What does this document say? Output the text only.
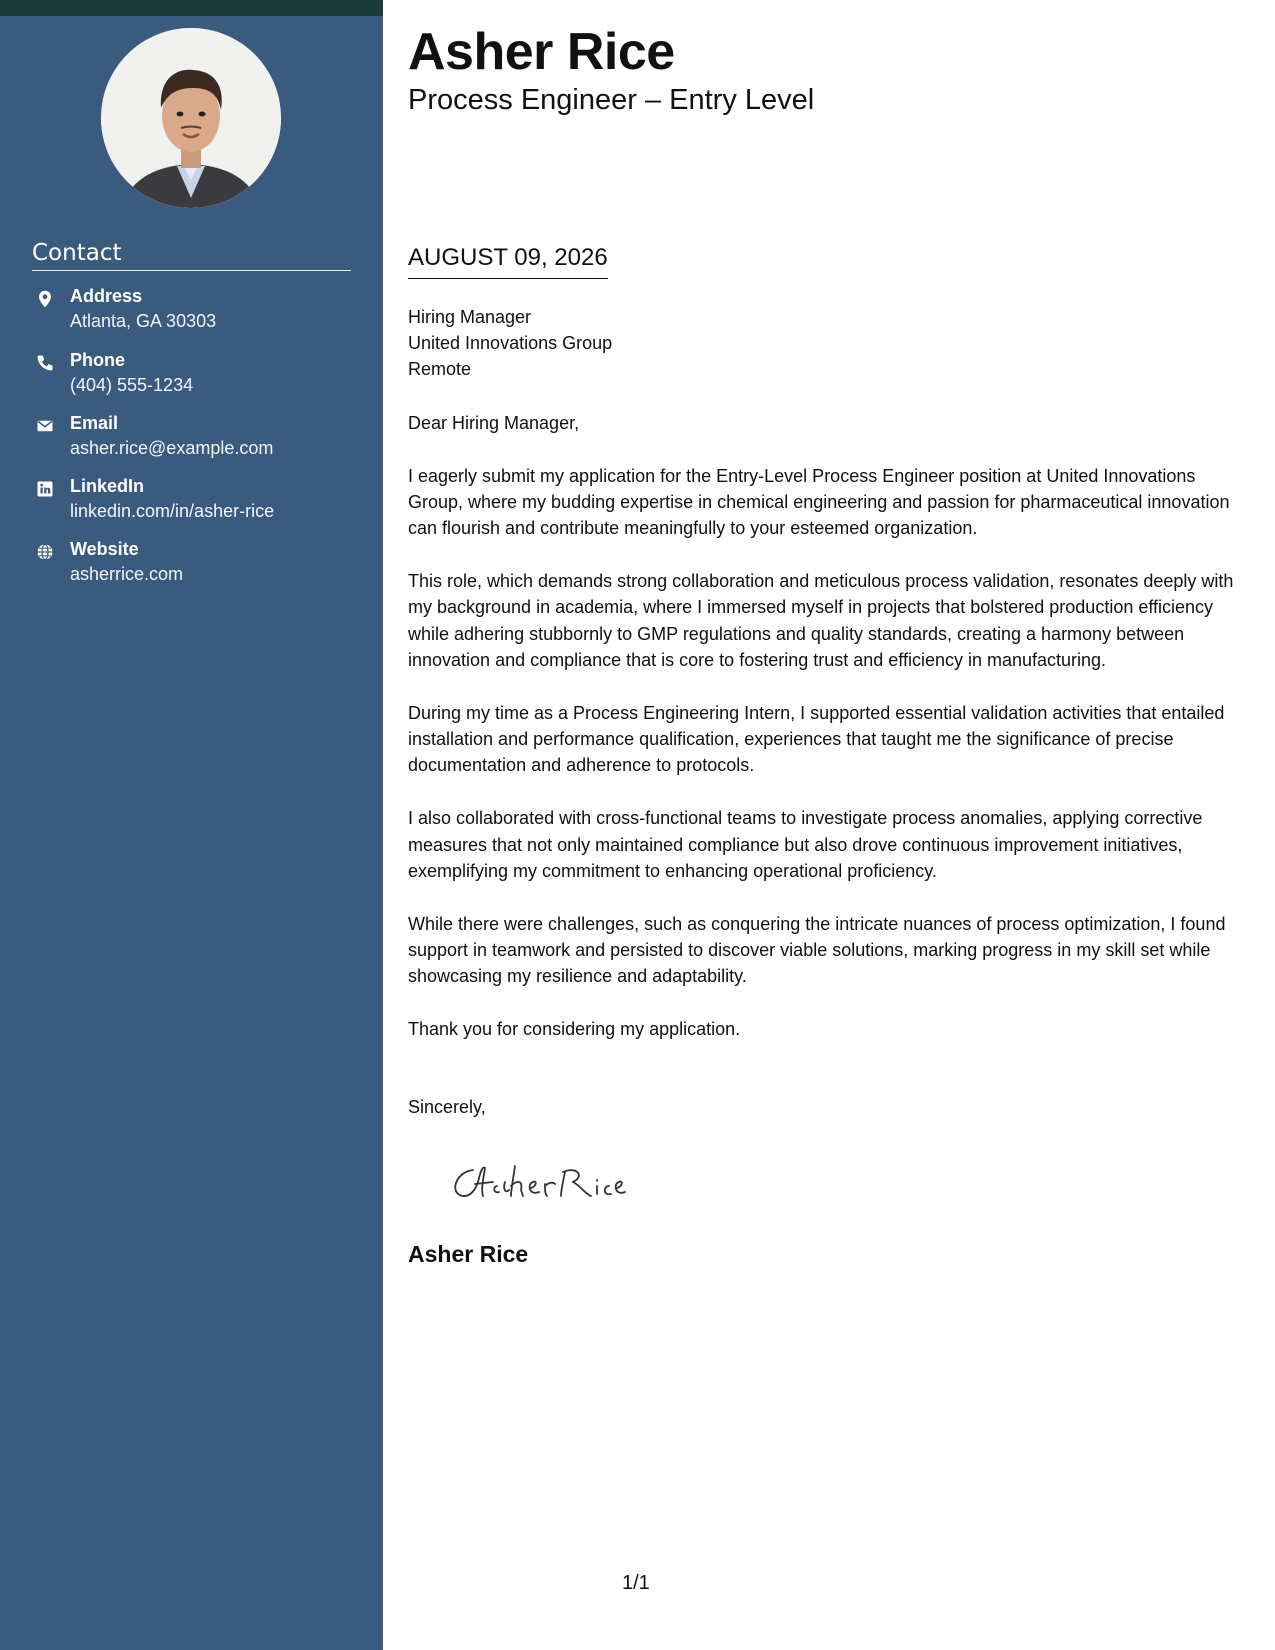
Contact
Address
Atlanta, GA 30303
Phone
(404) 555-1234
Email
asher.rice@example.com
LinkedIn
linkedin.com/in/asher-rice
Website
asherrice.com
Asher Rice
Process Engineer – Entry Level
AUGUST 09, 2026
Hiring Manager
United Innovations Group
Remote

Dear Hiring Manager,

I eagerly submit my application for the Entry-Level Process Engineer position at United Innovations Group, where my budding expertise in chemical engineering and passion for pharmaceutical innovation can flourish and contribute meaningfully to your esteemed organization.

This role, which demands strong collaboration and meticulous process validation, resonates deeply with my background in academia, where I immersed myself in projects that bolstered production efficiency while adhering stubbornly to GMP regulations and quality standards, creating a harmony between innovation and compliance that is core to fostering trust and efficiency in manufacturing.

During my time as a Process Engineering Intern, I supported essential validation activities that entailed installation and performance qualification, experiences that taught me the significance of precise documentation and adherence to protocols.

I also collaborated with cross-functional teams to investigate process anomalies, applying corrective measures that not only maintained compliance but also drove continuous improvement initiatives, exemplifying my commitment to enhancing operational proficiency.

While there were challenges, such as conquering the intricate nuances of process optimization, I found support in teamwork and persisted to discover viable solutions, marking progress in my skill set while showcasing my resilience and adaptability.

Thank you for considering my application.

Sincerely,
Asher Rice
1/1
